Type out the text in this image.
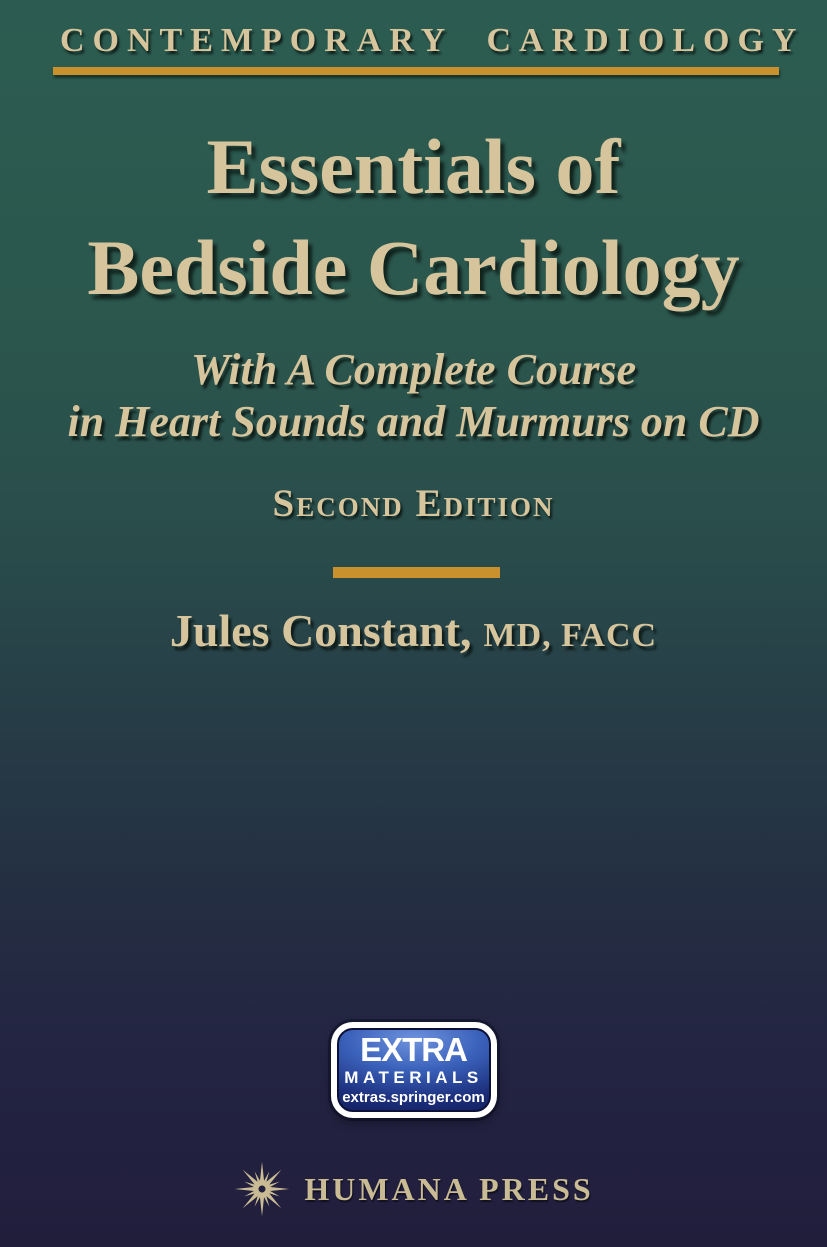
CONTEMPORARY CARDIOLOGY
Essentials of
Bedside Cardiology
With A Complete Course
in Heart Sounds and Murmurs on CD
Second Edition
Jules Constant, MD, FACC
EXTRA
MATERIALS
extras.springer.com
HUMANA PRESS
